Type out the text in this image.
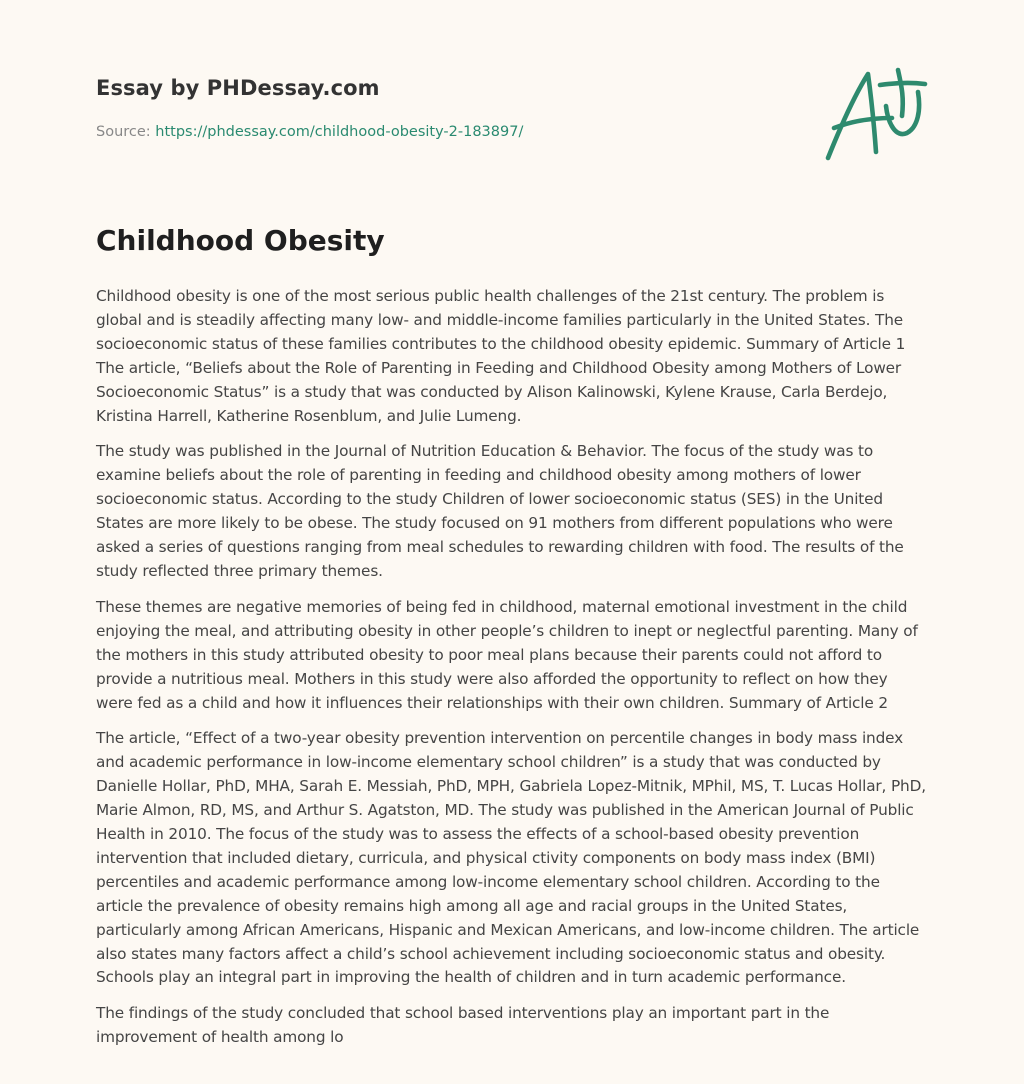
Essay by PHDessay.com
Source: https://phdessay.com/childhood-obesity-2-183897/
Childhood Obesity

Childhood obesity is one of the most serious public health challenges of the 21st century. The problem is global and is steadily affecting many low- and middle-income families particularly in the United States. The socioeconomic status of these families contributes to the childhood obesity epidemic. Summary of Article 1 The article, “Beliefs about the Role of Parenting in Feeding and Childhood Obesity among Mothers of Lower Socioeconomic Status” is a study that was conducted by Alison Kalinowski, Kylene Krause, Carla Berdejo, Kristina Harrell, Katherine Rosenblum, and Julie Lumeng.

The study was published in the Journal of Nutrition Education & Behavior. The focus of the study was to examine beliefs about the role of parenting in feeding and childhood obesity among mothers of lower socioeconomic status. According to the study Children of lower socioeconomic status (SES) in the United States are more likely to be obese. The study focused on 91 mothers from different populations who were asked a series of questions ranging from meal schedules to rewarding children with food. The results of the study reflected three primary themes.

These themes are negative memories of being fed in childhood, maternal emotional investment in the child enjoying the meal, and attributing obesity in other people’s children to inept or neglectful parenting. Many of the mothers in this study attributed obesity to poor meal plans because their parents could not afford to provide a nutritious meal. Mothers in this study were also afforded the opportunity to reflect on how they were fed as a child and how it influences their relationships with their own children. Summary of Article 2

The article, “Effect of a two-year obesity prevention intervention on percentile changes in body mass index and academic performance in low-income elementary school children” is a study that was conducted by Danielle Hollar, PhD, MHA, Sarah E. Messiah, PhD, MPH, Gabriela Lopez-Mitnik, MPhil, MS, T. Lucas Hollar, PhD, Marie Almon, RD, MS, and Arthur S. Agatston, MD. The study was published in the American Journal of Public Health in 2010. The focus of the study was to assess the effects of a school-based obesity prevention intervention that included dietary, curricula, and physical ctivity components on body mass index (BMI) percentiles and academic performance among low-income elementary school children. According to the article the prevalence of obesity remains high among all age and racial groups in the United States, particularly among African Americans, Hispanic and Mexican Americans, and low-income children. The article also states many factors affect a child’s school achievement including socioeconomic status and obesity. Schools play an integral part in improving the health of children and in turn academic performance.

The findings of the study concluded that school based interventions play an important part in the improvement of health among lo
